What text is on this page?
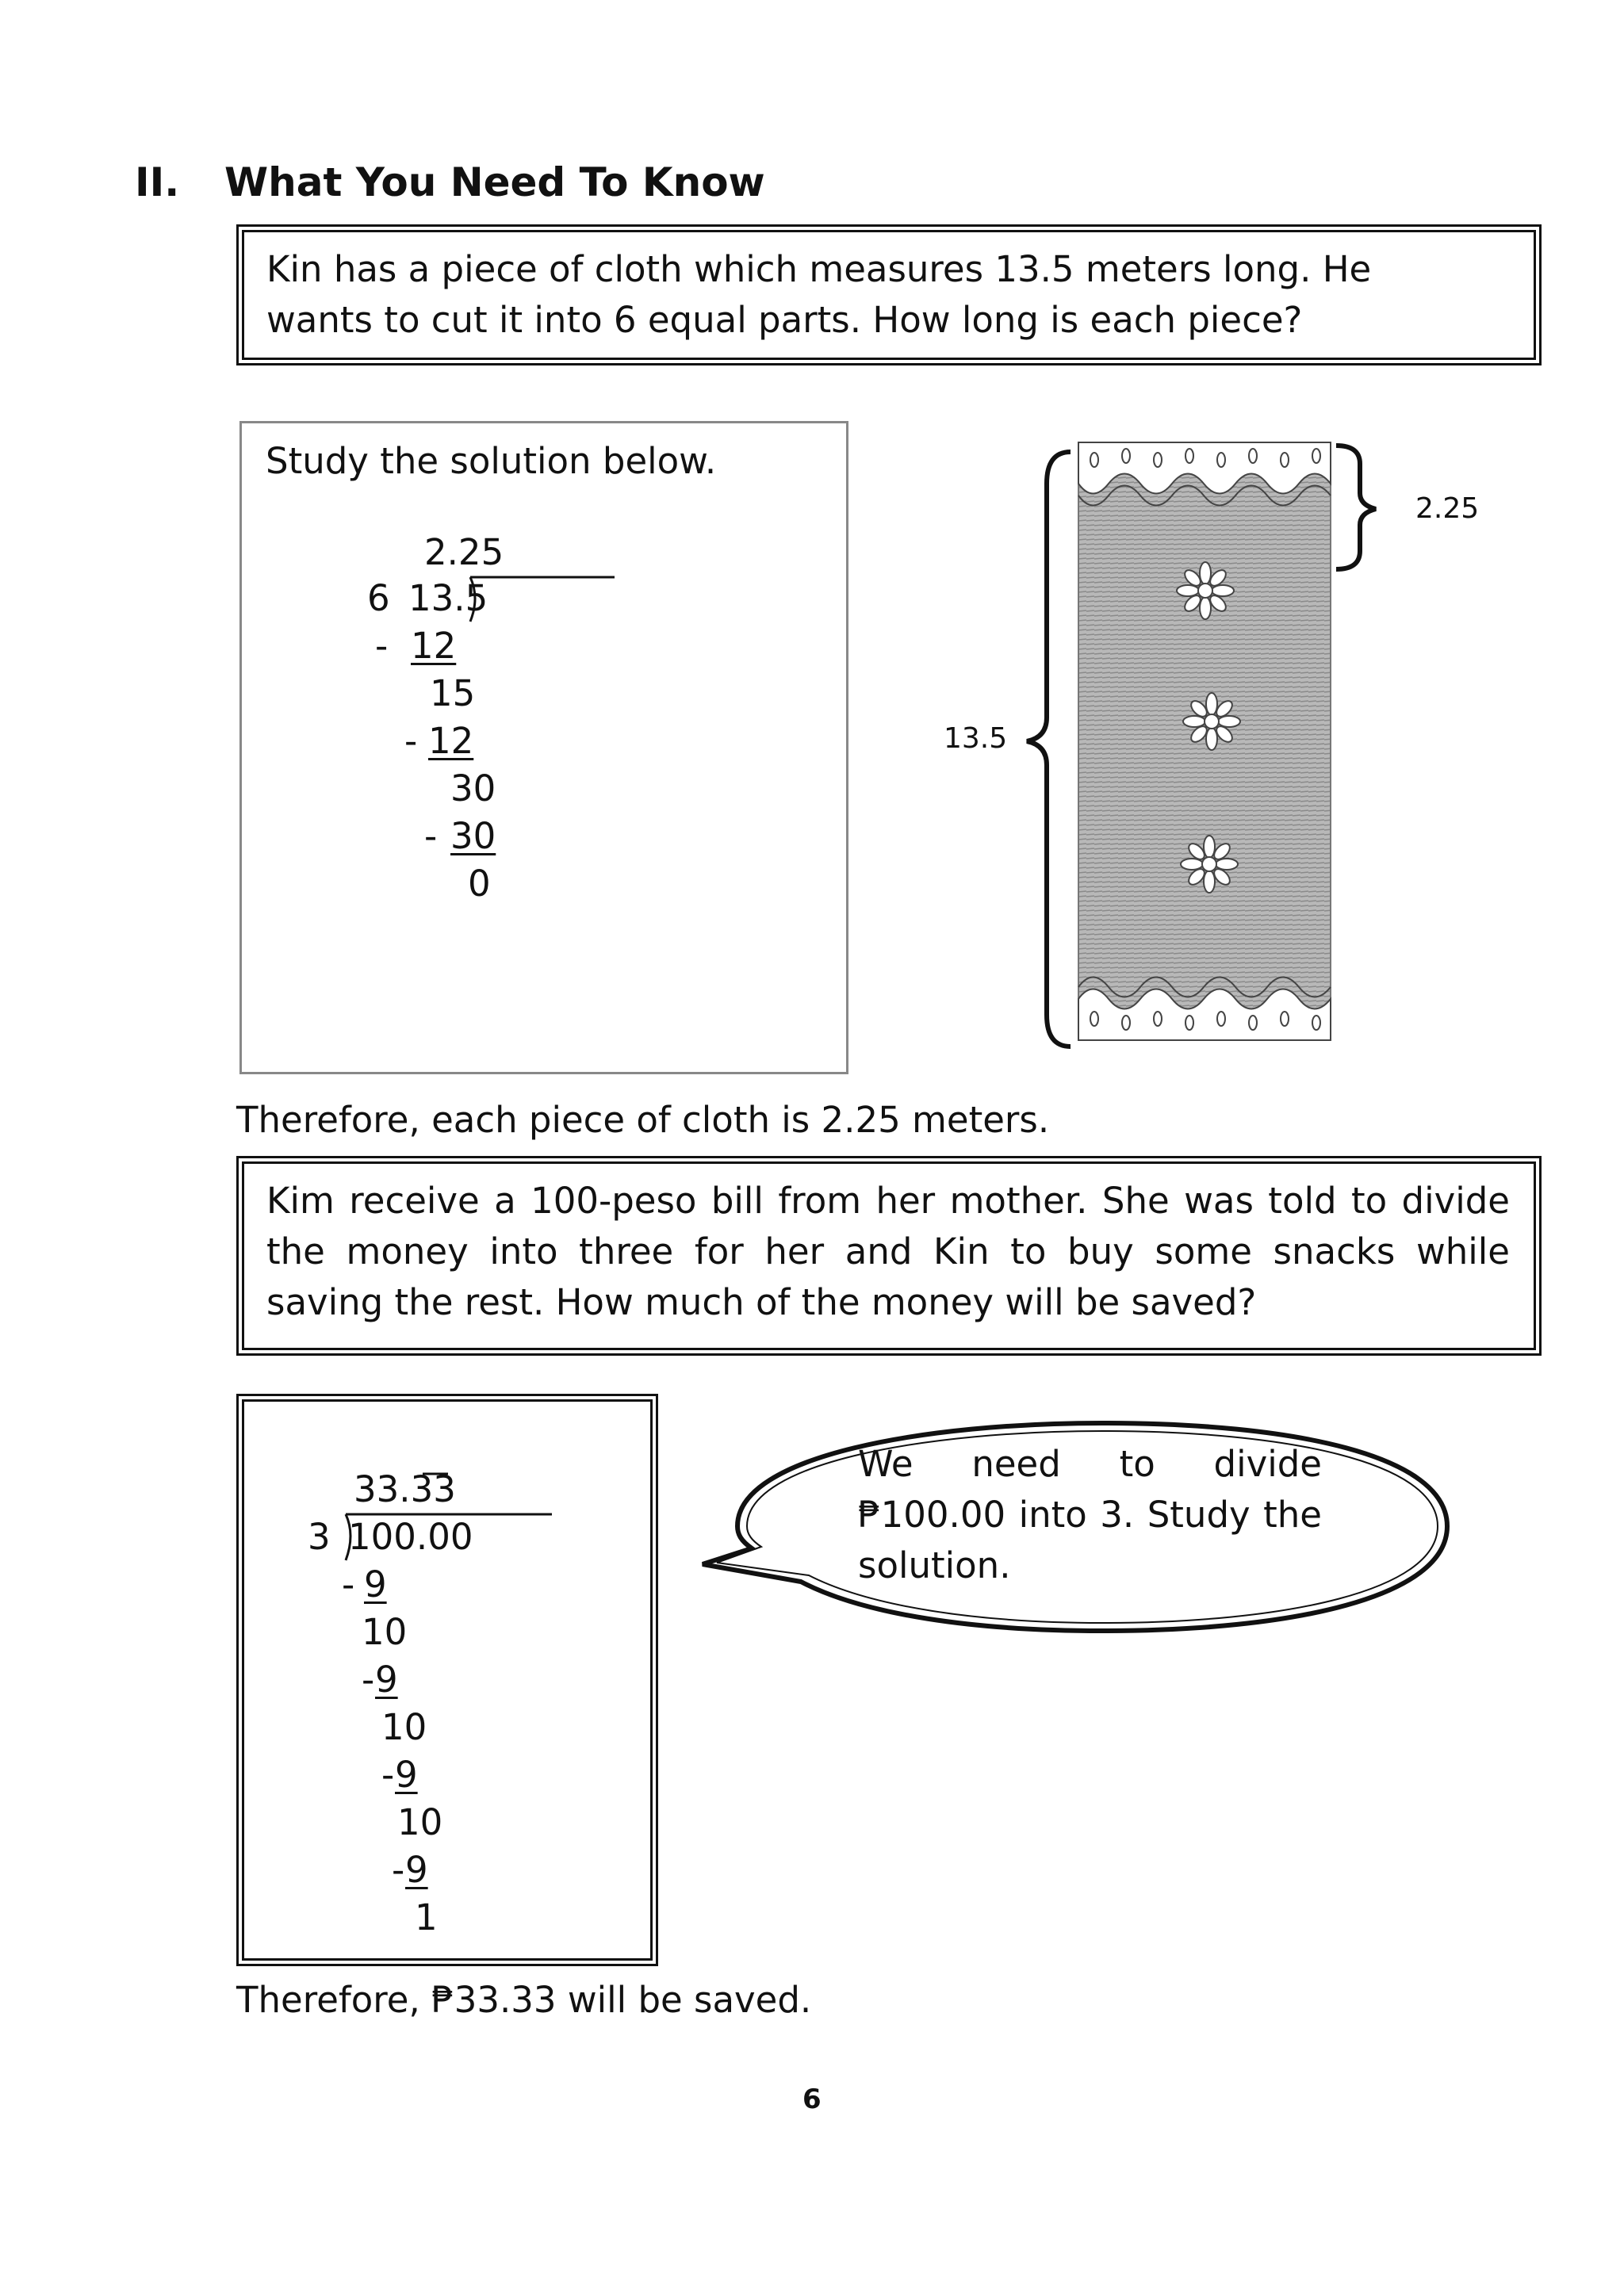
II. What You Need To Know
Kin has a piece of cloth which measures 13.5 meters long. He
wants to cut it into 6 equal parts. How long is each piece?
Study the solution below.
2.25
6 13.5
- 12
15
- 12
30
- 30
0
13.5
2.25
Therefore, each piece of cloth is 2.25 meters.
Kim receive a 100-peso bill from her mother. She was told to divide
the money into three for her and Kin to buy some snacks while
saving the rest. How much of the money will be saved?
33.33
3 100.00
- 9
10
- 9
10
- 9
10
- 9
1
We need to divide
₱100.00 into 3. Study the
solution.
Therefore, ₱33.33 will be saved.
6
